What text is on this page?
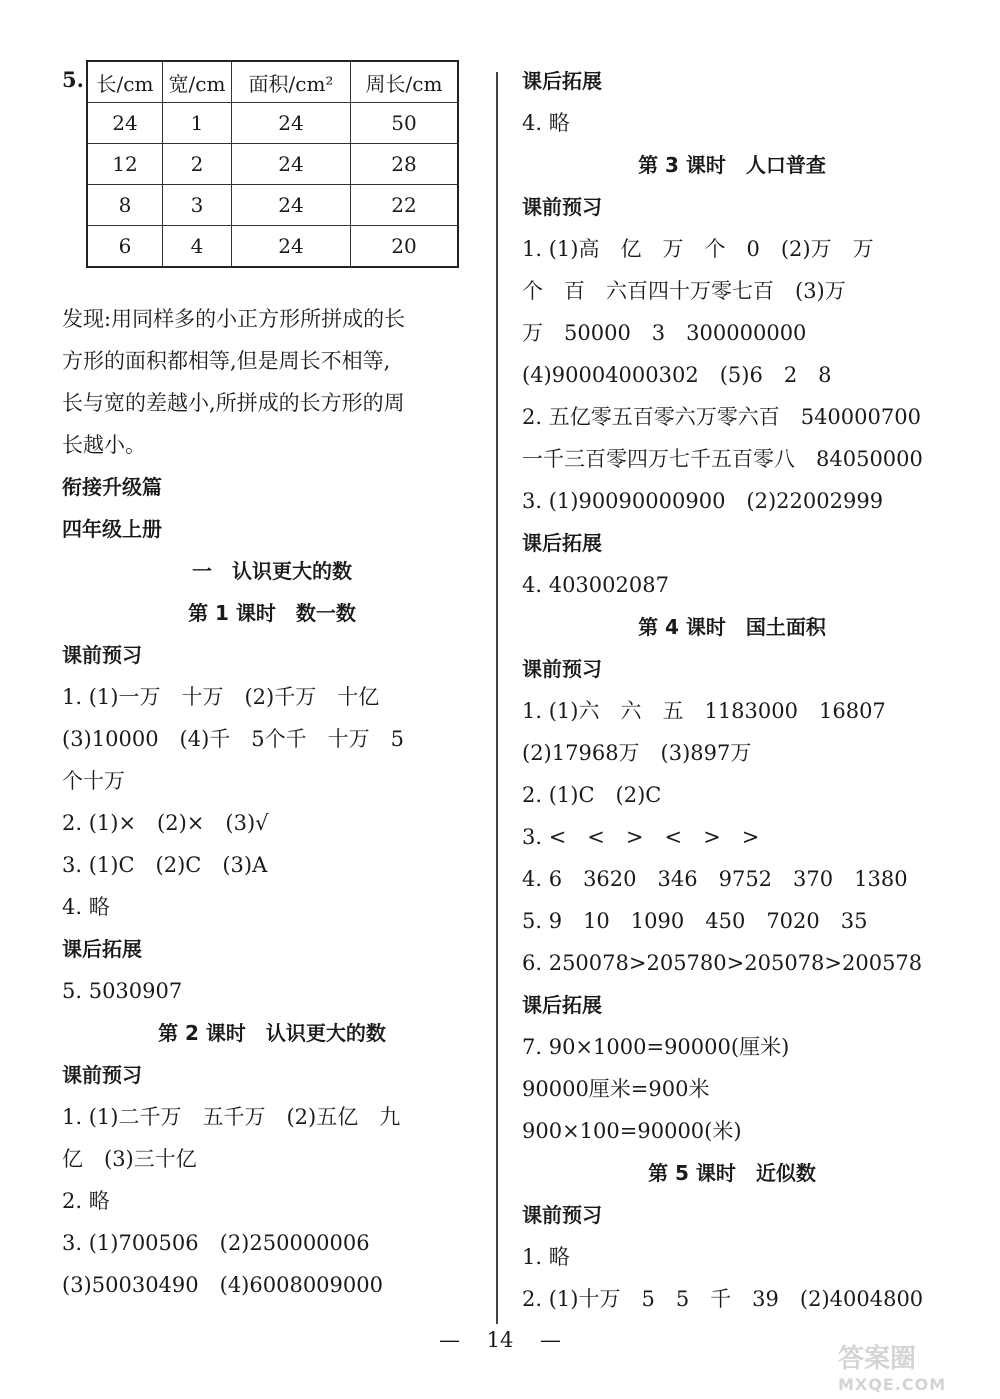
5. 长/cm	宽/cm	面积/cm²	周长/cm
24	1	24	50
12	2	24	28
8	3	24	22
6	4	24	20
发现:用同样多的小正方形所拼成的长
方形的面积都相等,但是周长不相等,
长与宽的差越小,所拼成的长方形的周
长越小。
衔接升级篇
四年级上册
一　认识更大的数
第 1 课时　数一数
课前预习
1. (1)一万　十万　(2)千万　十亿
(3)10000　(4)千　5个千　十万　5
个十万
2. (1)×　(2)×　(3)√
3. (1)C　(2)C　(3)A
4. 略
课后拓展
5. 5030907
第 2 课时　认识更大的数
课前预习
1. (1)二千万　五千万　(2)五亿　九
亿　(3)三十亿
2. 略
3. (1)700506　(2)250000006
(3)50030490　(4)6008009000
课后拓展
4. 略
第 3 课时　人口普查
课前预习
1. (1)高　亿　万　个　0　(2)万　万
个　百　六百四十万零七百　(3)万
万　50000　3　300000000
(4)90004000302　(5)6　2　8
2. 五亿零五百零六万零六百　540000700
一千三百零四万七千五百零八　84050000
3. (1)90090000900　(2)22002999
课后拓展
4. 403002087
第 4 课时　国土面积
课前预习
1. (1)六　六　五　1183000　16807
(2)17968万　(3)897万
2. (1)C　(2)C
3. <　<　>　<　>　>
4. 6　3620　346　9752　370　1380
5. 9　10　1090　450　7020　35
6. 250078>205780>205078>200578
课后拓展
7. 90×1000=90000(厘米)
90000厘米=900米
900×100=90000(米)
第 5 课时　近似数
课前预习
1. 略
2. (1)十万　5　5　千　39　(2)4004800
— 14 —
答案圈
MXQE.COM
